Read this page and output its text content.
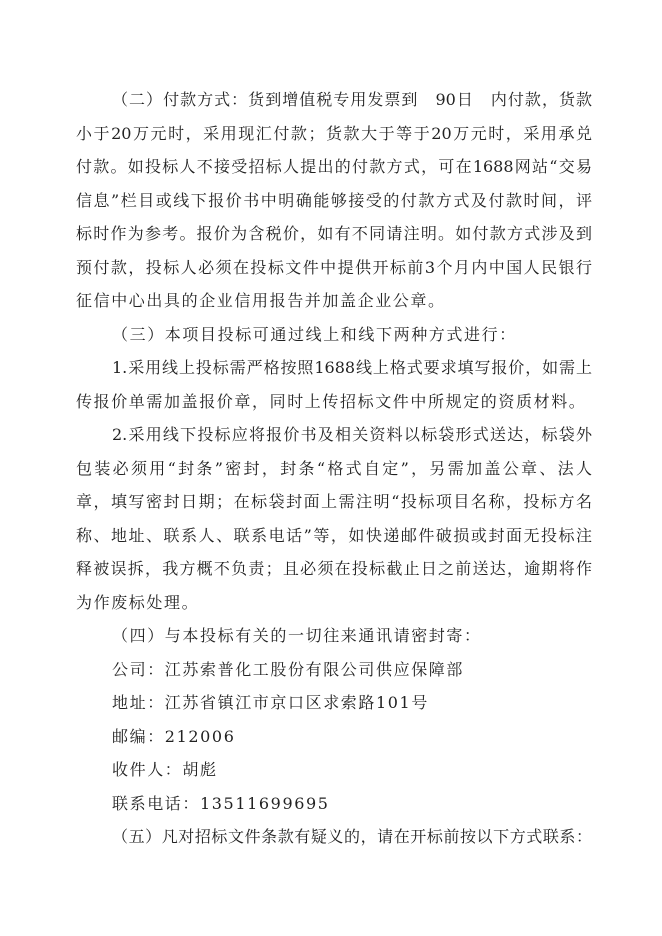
（二）付款方式：货到增值税专用发票到　90日　内付款，货款
小于20万元时，采用现汇付款；货款大于等于20万元时，采用承兑
付款。如投标人不接受招标人提出的付款方式，可在1688网站“交易
信息”栏目或线下报价书中明确能够接受的付款方式及付款时间，评
标时作为参考。报价为含税价，如有不同请注明。如付款方式涉及到
预付款，投标人必须在投标文件中提供开标前3个月内中国人民银行
征信中心出具的企业信用报告并加盖企业公章。
（三）本项目投标可通过线上和线下两种方式进行：
1.采用线上投标需严格按照1688线上格式要求填写报价，如需上
传报价单需加盖报价章，同时上传招标文件中所规定的资质材料。
2.采用线下投标应将报价书及相关资料以标袋形式送达，标袋外
包装必须用“封条”密封，封条“格式自定”，另需加盖公章、法人
章，填写密封日期；在标袋封面上需注明“投标项目名称，投标方名
称、地址、联系人、联系电话”等，如快递邮件破损或封面无投标注
释被误拆，我方概不负责；且必须在投标截止日之前送达，逾期将作
为作废标处理。
（四）与本投标有关的一切往来通讯请密封寄：
公司：江苏索普化工股份有限公司供应保障部
地址：江苏省镇江市京口区求索路101号
邮编：212006
收件人：胡彪
联系电话：13511699695
（五）凡对招标文件条款有疑义的，请在开标前按以下方式联系：
